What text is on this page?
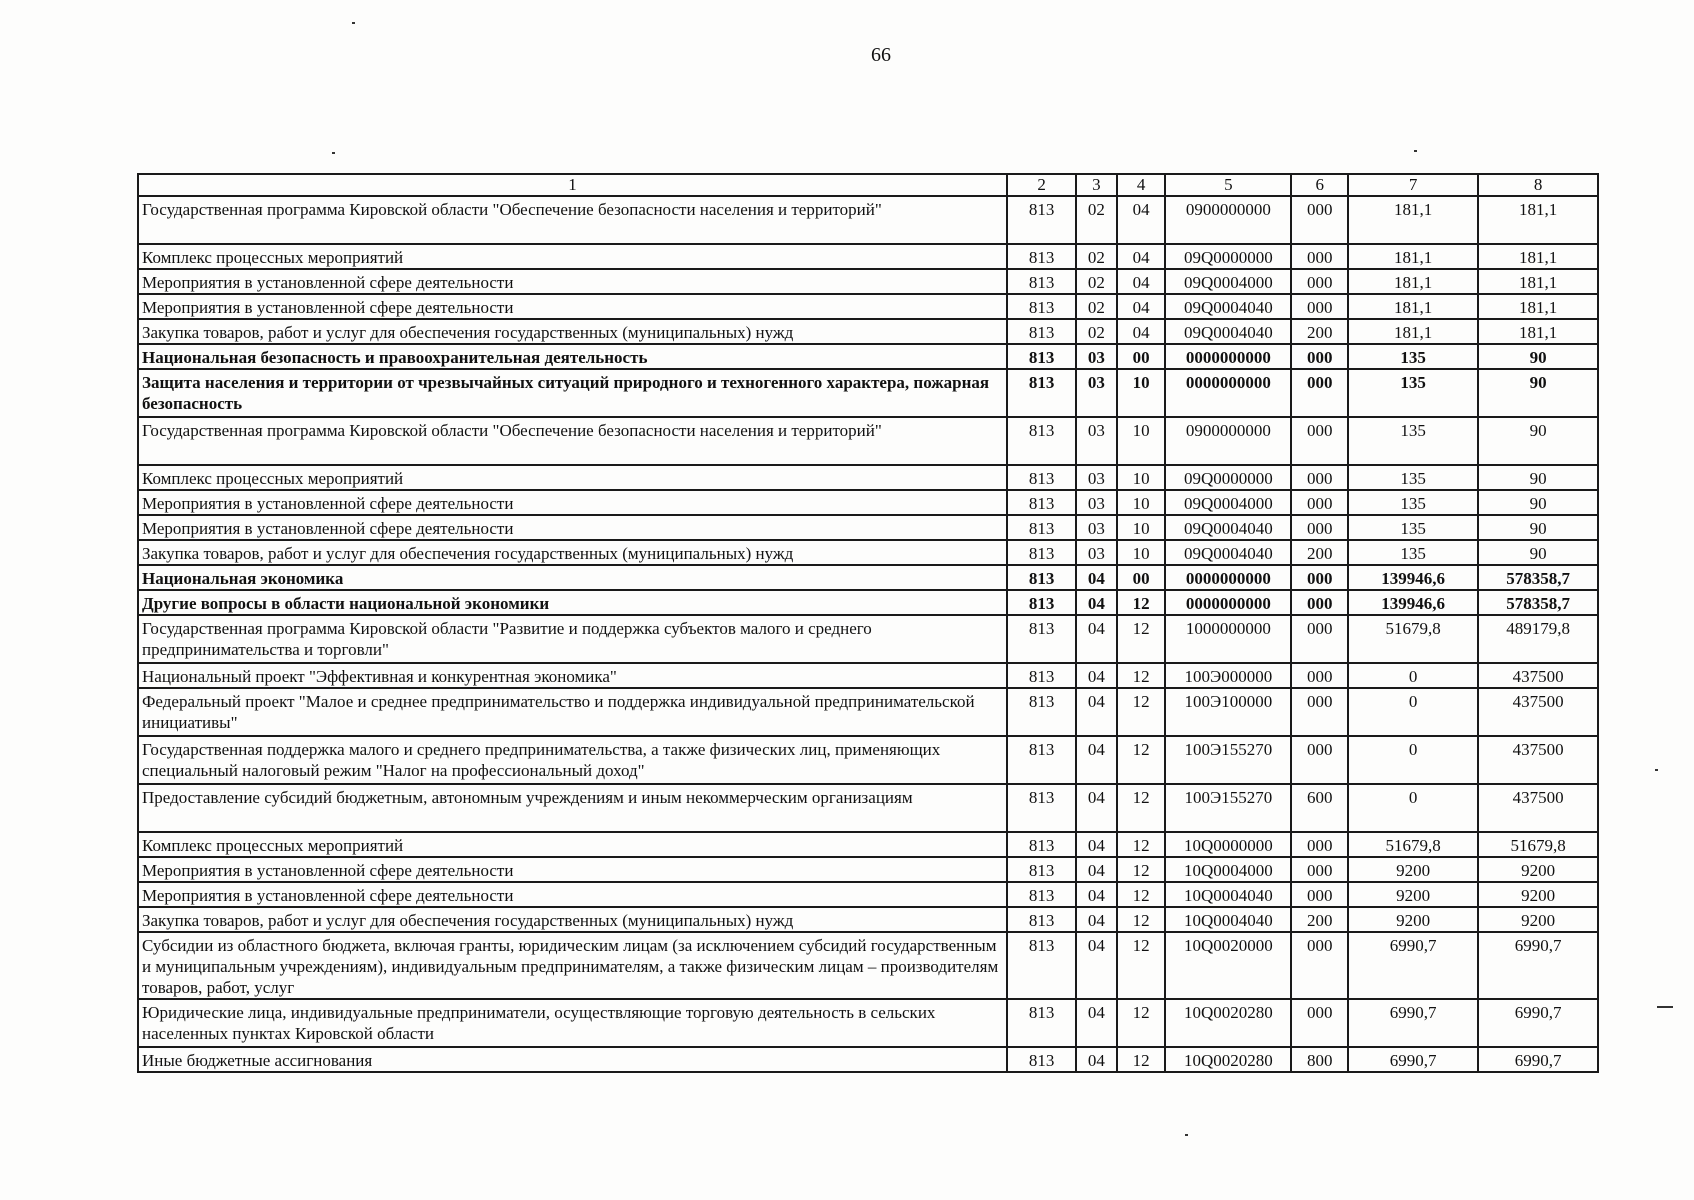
66
1	2	3	4	5	6	7	8
Государственная программа Кировской области "Обеспечение безопасности населения и территорий"	813	02	04	0900000000	000	181,1	181,1
Комплекс процессных мероприятий	813	02	04	09Q0000000	000	181,1	181,1
Мероприятия в установленной сфере деятельности	813	02	04	09Q0004000	000	181,1	181,1
Мероприятия в установленной сфере деятельности	813	02	04	09Q0004040	000	181,1	181,1
Закупка товаров, работ и услуг для обеспечения государственных (муниципальных) нужд	813	02	04	09Q0004040	200	181,1	181,1
Национальная безопасность и правоохранительная деятельность	813	03	00	0000000000	000	135	90
Защита населения и территории от чрезвычайных ситуаций природного и техногенного характера, пожарная безопасность	813	03	10	0000000000	000	135	90
Государственная программа Кировской области "Обеспечение безопасности населения и территорий"	813	03	10	0900000000	000	135	90
Комплекс процессных мероприятий	813	03	10	09Q0000000	000	135	90
Мероприятия в установленной сфере деятельности	813	03	10	09Q0004000	000	135	90
Мероприятия в установленной сфере деятельности	813	03	10	09Q0004040	000	135	90
Закупка товаров, работ и услуг для обеспечения государственных (муниципальных) нужд	813	03	10	09Q0004040	200	135	90
Национальная экономика	813	04	00	0000000000	000	139946,6	578358,7
Другие вопросы в области национальной экономики	813	04	12	0000000000	000	139946,6	578358,7
Государственная программа Кировской области "Развитие и поддержка субъектов малого и среднего предпринимательства и торговли"	813	04	12	1000000000	000	51679,8	489179,8
Национальный проект "Эффективная и конкурентная экономика"	813	04	12	100Э000000	000	0	437500
Федеральный проект "Малое и среднее предпринимательство и поддержка индивидуальной предпринимательской инициативы"	813	04	12	100Э100000	000	0	437500
Государственная поддержка малого и среднего предпринимательства, а также физических лиц, применяющих специальный налоговый режим "Налог на профессиональный доход"	813	04	12	100Э155270	000	0	437500
Предоставление субсидий бюджетным, автономным учреждениям и иным некоммерческим организациям	813	04	12	100Э155270	600	0	437500
Комплекс процессных мероприятий	813	04	12	10Q0000000	000	51679,8	51679,8
Мероприятия в установленной сфере деятельности	813	04	12	10Q0004000	000	9200	9200
Мероприятия в установленной сфере деятельности	813	04	12	10Q0004040	000	9200	9200
Закупка товаров, работ и услуг для обеспечения государственных (муниципальных) нужд	813	04	12	10Q0004040	200	9200	9200
Субсидии из областного бюджета, включая гранты, юридическим лицам (за исключением субсидий государственным и муниципальным учреждениям), индивидуальным предпринимателям, а также физическим лицам – производителям товаров, работ, услуг	813	04	12	10Q0020000	000	6990,7	6990,7
Юридические лица, индивидуальные предприниматели, осуществляющие торговую деятельность в сельских населенных пунктах Кировской области	813	04	12	10Q0020280	000	6990,7	6990,7
Иные бюджетные ассигнования	813	04	12	10Q0020280	800	6990,7	6990,7
